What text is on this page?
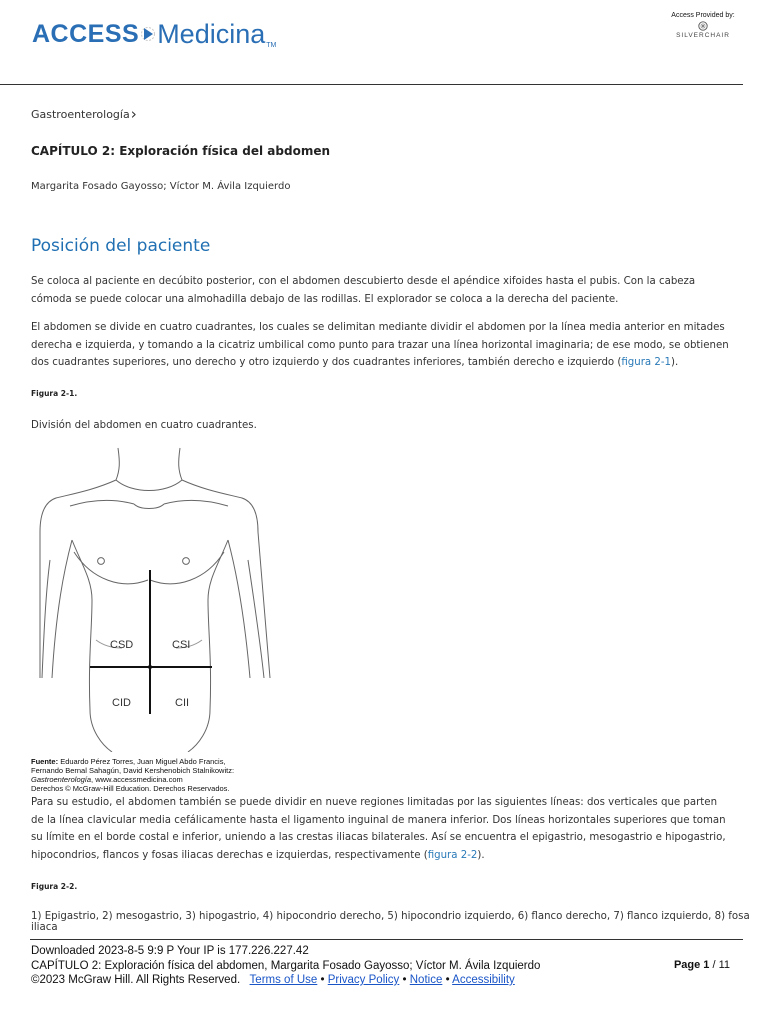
ACCESS Medicina TM
Access Provided by:
SILVERCHAIR
Gastroenterología›
CAPÍTULO 2: Exploración física del abdomen
Margarita Fosado Gayosso; Víctor M. Ávila Izquierdo
Posición del paciente

Se coloca al paciente en decúbito posterior, con el abdomen descubierto desde el apéndice xifoides hasta el pubis. Con la cabeza cómoda se puede colocar una almohadilla debajo de las rodillas. El explorador se coloca a la derecha del paciente.

El abdomen se divide en cuatro cuadrantes, los cuales se delimitan mediante dividir el abdomen por la línea media anterior en mitades derecha e izquierda, y tomando a la cicatriz umbilical como punto para trazar una línea horizontal imaginaria; de ese modo, se obtienen dos cuadrantes superiores, uno derecho y otro izquierdo y dos cuadrantes inferiores, también derecho e izquierdo (figura 2-1).

Figura 2-1.
División del abdomen en cuatro cuadrantes.
CSD	CSI
CID	CII
Fuente: Eduardo Pérez Torres, Juan Miguel Abdo Francis,
Fernando Bernal Sahagún, David Kershenobich Stalnikowitz:
Gastroenterología, www.accessmedicina.com
Derechos © McGraw-Hill Education. Derechos Reservados.

Para su estudio, el abdomen también se puede dividir en nueve regiones limitadas por las siguientes líneas: dos verticales que parten de la línea clavicular media cefálicamente hasta el ligamento inguinal de manera inferior. Dos líneas horizontales superiores que toman su límite en el borde costal e inferior, uniendo a las crestas iliacas bilaterales. Así se encuentra el epigastrio, mesogastrio e hipogastrio, hipocondrios, flancos y fosas iliacas derechas e izquierdas, respectivamente (figura 2-2).

Figura 2-2.
1) Epigastrio, 2) mesogastrio, 3) hipogastrio, 4) hipocondrio derecho, 5) hipocondrio izquierdo, 6) flanco derecho, 7) flanco izquierdo, 8) fosa iliaca
Downloaded 2023-8-5 9:9 P Your IP is 177.226.227.42
CAPÍTULO 2: Exploración física del abdomen, Margarita Fosado Gayosso; Víctor M. Ávila Izquierdo
©2023 McGraw Hill. All Rights Reserved. Terms of Use • Privacy Policy • Notice • Accessibility
Page 1 / 11
